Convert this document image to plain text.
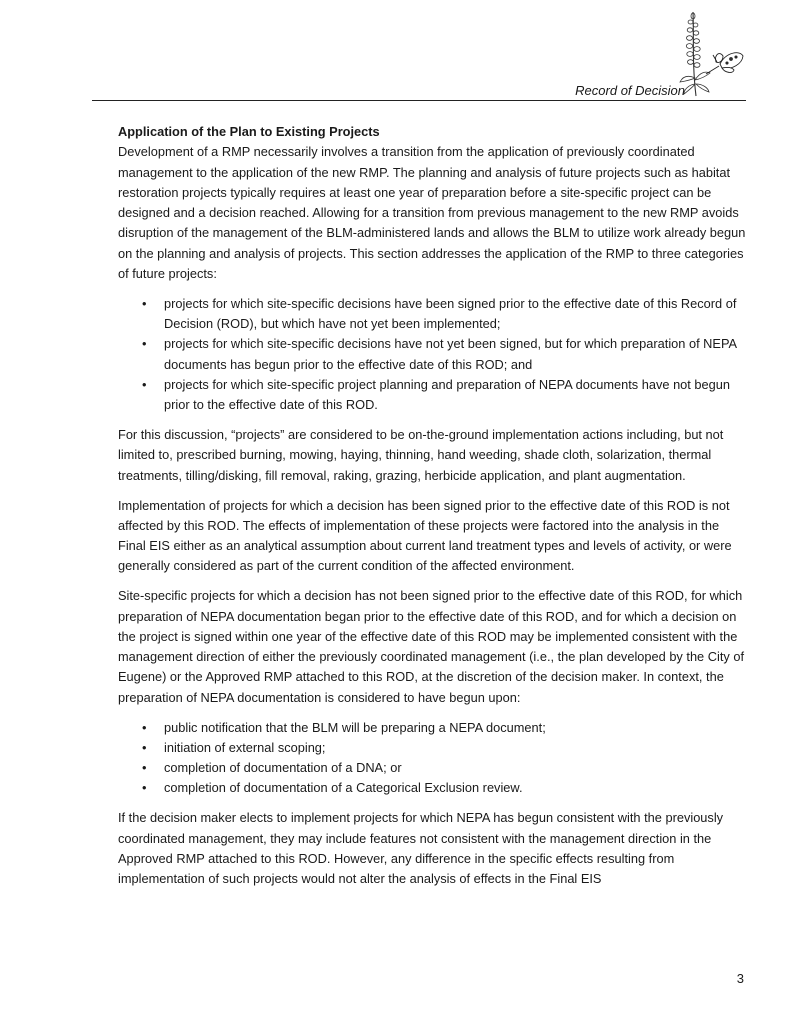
Record of Decision

Application of the Plan to Existing Projects

Development of a RMP necessarily involves a transition from the application of previously coordinated management to the application of the new RMP. The planning and analysis of future projects such as habitat restoration projects typically requires at least one year of preparation before a site-specific project can be designed and a decision reached. Allowing for a transition from previous management to the new RMP avoids disruption of the management of the BLM-administered lands and allows the BLM to utilize work already begun on the planning and analysis of projects. This section addresses the application of the RMP to three categories of future projects:

• projects for which site-specific decisions have been signed prior to the effective date of this Record of Decision (ROD), but which have not yet been implemented;
• projects for which site-specific decisions have not yet been signed, but for which preparation of NEPA documents has begun prior to the effective date of this ROD; and
• projects for which site-specific project planning and preparation of NEPA documents have not begun prior to the effective date of this ROD.

For this discussion, “projects” are considered to be on-the-ground implementation actions including, but not limited to, prescribed burning, mowing, haying, thinning, hand weeding, shade cloth, solarization, thermal treatments, tilling/disking, fill removal, raking, grazing, herbicide application, and plant augmentation.

Implementation of projects for which a decision has been signed prior to the effective date of this ROD is not affected by this ROD. The effects of implementation of these projects were factored into the analysis in the Final EIS either as an analytical assumption about current land treatment types and levels of activity, or were generally considered as part of the current condition of the affected environment.

Site-specific projects for which a decision has not been signed prior to the effective date of this ROD, for which preparation of NEPA documentation began prior to the effective date of this ROD, and for which a decision on the project is signed within one year of the effective date of this ROD may be implemented consistent with the management direction of either the previously coordinated management (i.e., the plan developed by the City of Eugene) or the Approved RMP attached to this ROD, at the discretion of the decision maker. In context, the preparation of NEPA documentation is considered to have begun upon:

• public notification that the BLM will be preparing a NEPA document;
• initiation of external scoping;
• completion of documentation of a DNA; or
• completion of documentation of a Categorical Exclusion review.

If the decision maker elects to implement projects for which NEPA has begun consistent with the previously coordinated management, they may include features not consistent with the management direction in the Approved RMP attached to this ROD. However, any difference in the specific effects resulting from implementation of such projects would not alter the analysis of effects in the Final EIS

3
